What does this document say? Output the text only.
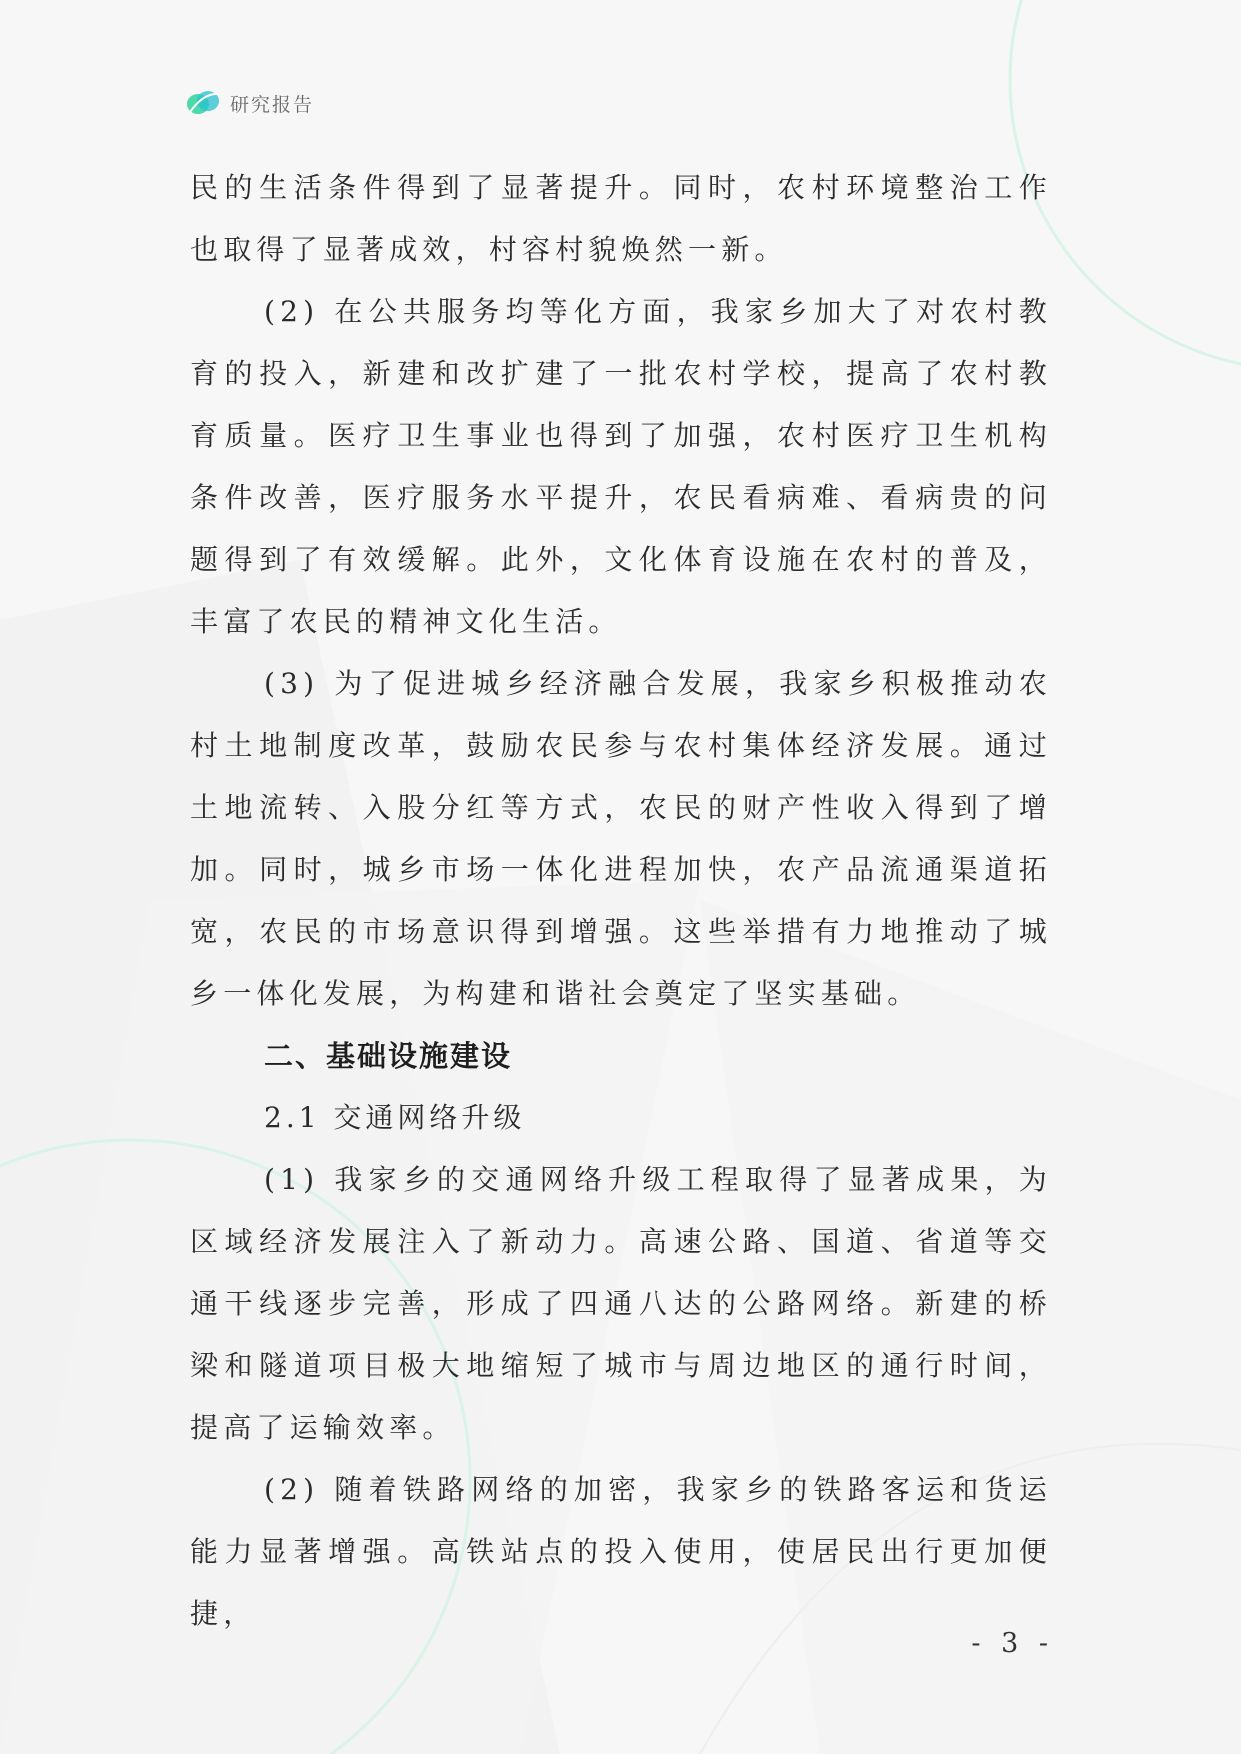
研究报告

民的生活条件得到了显著提升。同时，农村环境整治工作也取得了显著成效，村容村貌焕然一新。

(2) 在公共服务均等化方面，我家乡加大了对农村教育的投入，新建和改扩建了一批农村学校，提高了农村教育质量。医疗卫生事业也得到了加强，农村医疗卫生机构条件改善，医疗服务水平提升，农民看病难、看病贵的问题得到了有效缓解。此外，文化体育设施在农村的普及，丰富了农民的精神文化生活。

(3) 为了促进城乡经济融合发展，我家乡积极推动农村土地制度改革，鼓励农民参与农村集体经济发展。通过土地流转、入股分红等方式，农民的财产性收入得到了增加。同时，城乡市场一体化进程加快，农产品流通渠道拓宽，农民的市场意识得到增强。这些举措有力地推动了城乡一体化发展，为构建和谐社会奠定了坚实基础。

二、基础设施建设
2.1 交通网络升级

(1) 我家乡的交通网络升级工程取得了显著成果，为区域经济发展注入了新动力。高速公路、国道、省道等交通干线逐步完善，形成了四通八达的公路网络。新建的桥梁和隧道项目极大地缩短了城市与周边地区的通行时间，提高了运输效率。

(2) 随着铁路网络的加密，我家乡的铁路客运和货运能力显著增强。高铁站点的投入使用，使居民出行更加便捷，

- 3 -
